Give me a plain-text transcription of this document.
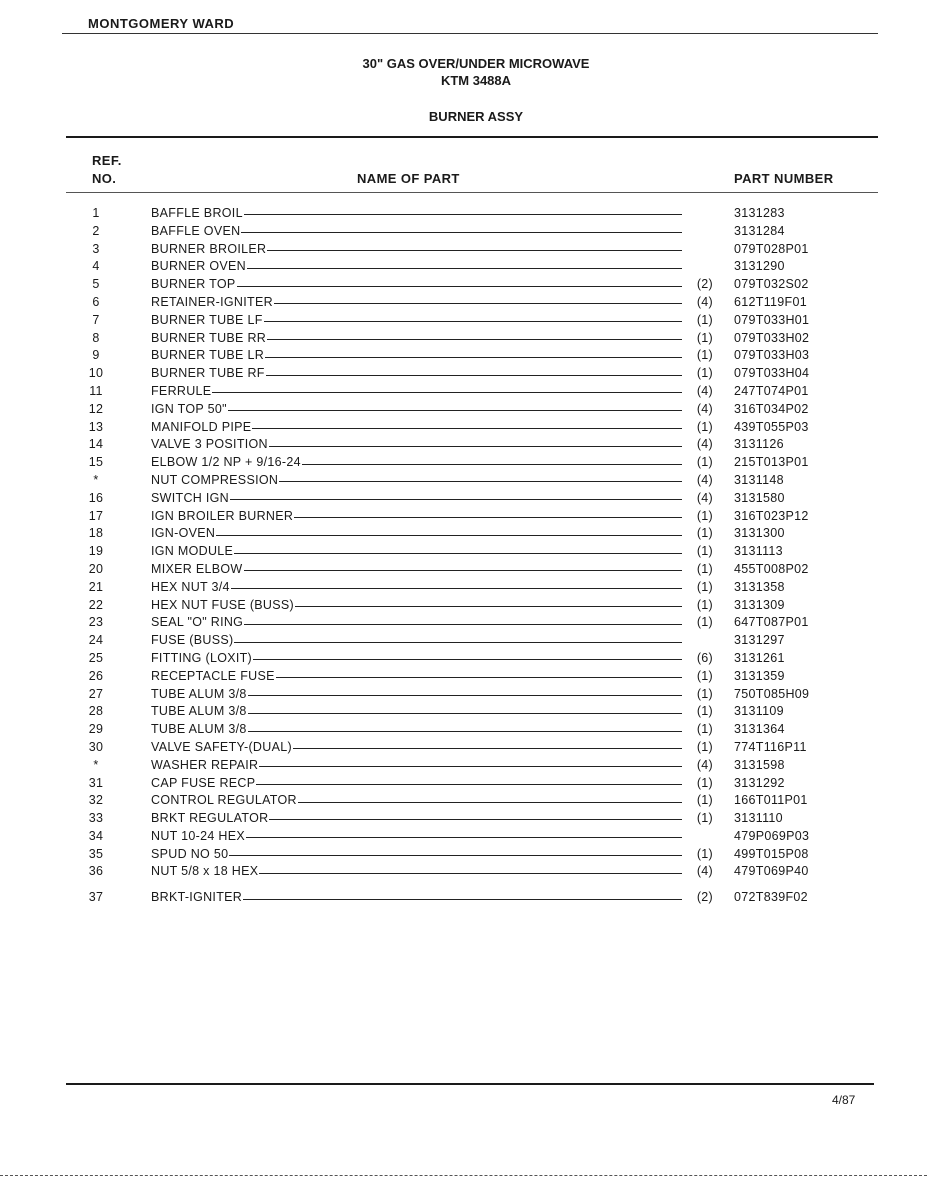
MONTGOMERY WARD
30" GAS OVER/UNDER MICROWAVE
KTM 3488A
BURNER ASSY
REF.
NO.	NAME OF PART	PART NUMBER
1	BAFFLE BROIL	3131283
2	BAFFLE OVEN	3131284
3	BURNER BROILER	079T028P01
4	BURNER OVEN	3131290
5	BURNER TOP	(2) 079T032S02
6	RETAINER-IGNITER	(4) 612T119F01
7	BURNER TUBE LF	(1) 079T033H01
8	BURNER TUBE RR	(1) 079T033H02
9	BURNER TUBE LR	(1) 079T033H03
10	BURNER TUBE RF	(1) 079T033H04
11	FERRULE	(4) 247T074P01
12	IGN TOP 50"	(4) 316T034P02
13	MANIFOLD PIPE	(1) 439T055P03
14	VALVE 3 POSITION	(4) 3131126
15	ELBOW 1/2 NP + 9/16-24	(1) 215T013P01
*	NUT COMPRESSION	(4) 3131148
16	SWITCH IGN	(4) 3131580
17	IGN BROILER BURNER	(1) 316T023P12
18	IGN-OVEN	(1) 3131300
19	IGN MODULE	(1) 3131113
20	MIXER ELBOW	(1) 455T008P02
21	HEX NUT 3/4	(1) 3131358
22	HEX NUT FUSE (BUSS)	(1) 3131309
23	SEAL "O" RING	(1) 647T087P01
24	FUSE (BUSS)	3131297
25	FITTING (LOXIT)	(6) 3131261
26	RECEPTACLE FUSE	(1) 3131359
27	TUBE ALUM 3/8	(1) 750T085H09
28	TUBE ALUM 3/8	(1) 3131109
29	TUBE ALUM 3/8	(1) 3131364
30	VALVE SAFETY-(DUAL)	(1) 774T116P11
*	WASHER REPAIR	(4) 3131598
31	CAP FUSE RECP	(1) 3131292
32	CONTROL REGULATOR	(1) 166T011P01
33	BRKT REGULATOR	(1) 3131110
34	NUT 10-24 HEX	479P069P03
35	SPUD NO 50	(1) 499T015P08
36	NUT 5/8 x 18 HEX	(4) 479T069P40
37	BRKT-IGNITER	(2) 072T839F02
4/87
